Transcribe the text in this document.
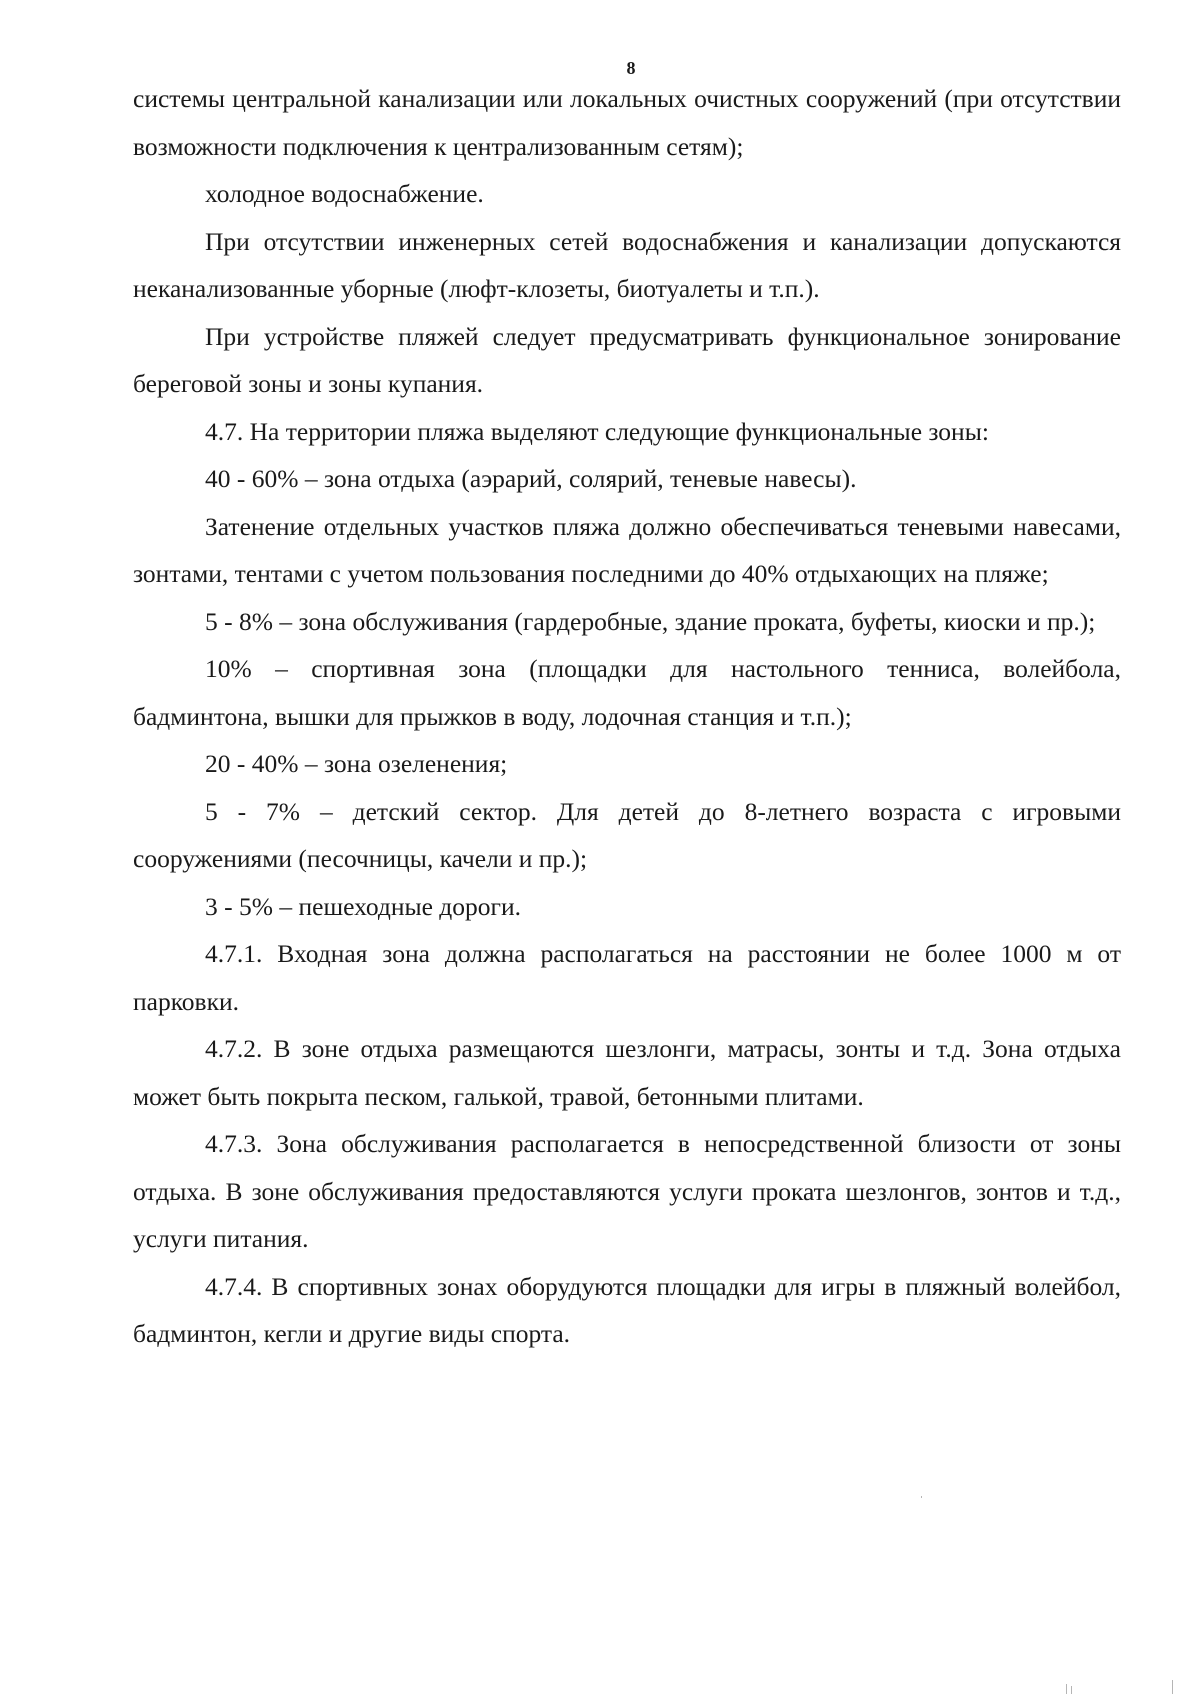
8

системы центральной канализации или локальных очистных сооружений (при отсутствии возможности подключения к централизованным сетям);

холодное водоснабжение.

При отсутствии инженерных сетей водоснабжения и канализации допускаются неканализованные уборные (люфт-клозеты, биотуалеты и т.п.).

При устройстве пляжей следует предусматривать функциональное зонирование береговой зоны и зоны купания.

4.7. На территории пляжа выделяют следующие функциональные зоны:

40 - 60% – зона отдыха (аэрарий, солярий, теневые навесы).

Затенение отдельных участков пляжа должно обеспечиваться теневыми навесами, зонтами, тентами с учетом пользования последними до 40% отдыхающих на пляже;

5 - 8% – зона обслуживания (гардеробные, здание проката, буфеты, киоски и пр.);

10% – спортивная зона (площадки для настольного тенниса, волейбола, бадминтона, вышки для прыжков в воду, лодочная станция и т.п.);

20 - 40% – зона озеленения;

5 - 7% – детский сектор. Для детей до 8-летнего возраста с игровыми сооружениями (песочницы, качели и пр.);

3 - 5% – пешеходные дороги.

4.7.1. Входная зона должна располагаться на расстоянии не более 1000 м от парковки.

4.7.2. В зоне отдыха размещаются шезлонги, матрасы, зонты и т.д. Зона отдыха может быть покрыта песком, галькой, травой, бетонными плитами.

4.7.3. Зона обслуживания располагается в непосредственной близости от зоны отдыха. В зоне обслуживания предоставляются услуги проката шезлонгов, зонтов и т.д., услуги питания.

4.7.4. В спортивных зонах оборудуются площадки для игры в пляжный волейбол, бадминтон, кегли и другие виды спорта.
